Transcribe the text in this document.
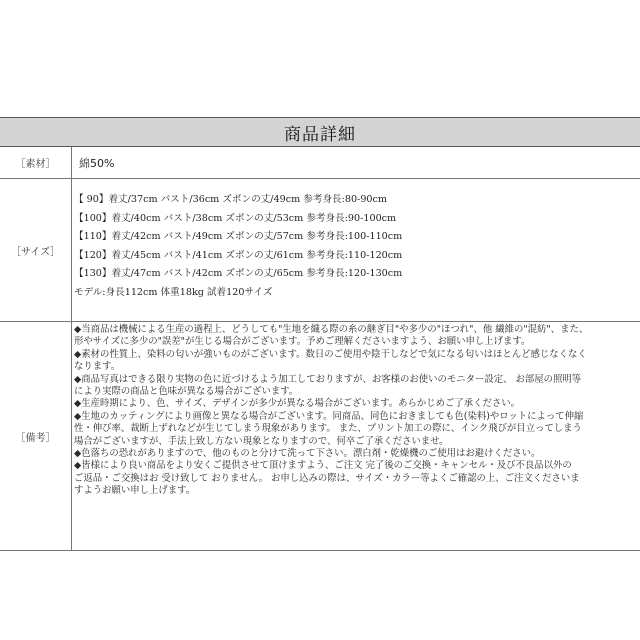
商品詳細
［素材］	綿50%
［サイズ］
【 90】着丈/37cm バスト/36cm ズボンの丈/49cm 参考身長:80-90cm
【100】着丈/40cm バスト/38cm ズボンの丈/53cm 参考身長:90-100cm
【110】着丈/42cm バスト/49cm ズボンの丈/57cm 参考身長:100-110cm
【120】着丈/45cm バスト/41cm ズボンの丈/61cm 参考身長:110-120cm
【130】着丈/47cm バスト/42cm ズボンの丈/65cm 参考身長:120-130cm
モデル:身長112cm 体重18kg 試着120サイズ
［備考］
◆当商品は機械による生産の過程上、どうしても"生地を織る際の糸の継ぎ目"や多少の"ほつれ"、他 繊維の"混紡"、また、
形やサイズに多少の"誤差"が生じる場合がございます。予めご理解くださいますよう、お願い申し上げます。
◆素材の性質上、染料の匂いが強いものがございます。数日のご使用や陰干しなどで気になる匂いはほとんど感じなくなく
なります。
◆商品写真はできる限り実物の色に近づけるよう加工しておりますが、お客様のお使いのモニター設定、 お部屋の照明等
により実際の商品と色味が異なる場合がございます。
◆生産時期により、色、サイズ、デザインが多少が異なる場合がございます。あらかじめご了承ください。
◆生地のカッティングにより画像と異なる場合がございます。同商品、同色におきましても色(染料)やロットによって伸縮
性・伸び率、裁断上ずれなどが生じてしまう現象があります。 また、プリント加工の際に、インク飛びが目立ってしまう
場合がございますが、手法上致し方ない現象となりますので、何卒ご了承くださいませ。
◆色落ちの恐れがありますので、他のものと分けて洗って下さい。漂白剤・乾燥機のご使用はお避けください。
◆皆様により良い商品をより安くご提供させて頂けますよう、ご注文 完了後のご交換・キャンセル・及び不良品以外の
ご返品・ご交換はお 受け致して おりません。 お申し込みの際は、サイズ・カラー等よくご確認の上、ご注文くださいま
すようお願い申し上げます。
